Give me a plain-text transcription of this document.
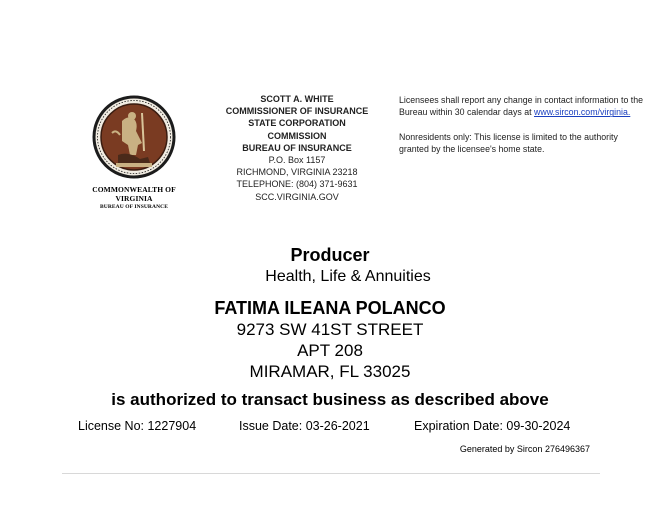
COMMONWEALTH OF
VIRGINIA
BUREAU OF INSURANCE
SCOTT A. WHITE
COMMISSIONER OF INSURANCE
STATE CORPORATION
COMMISSION
BUREAU OF INSURANCE
P.O. Box 1157
RICHMOND, VIRGINIA 23218
TELEPHONE: (804) 371-9631
SCC.VIRGINIA.GOV

Licensees shall report any change in contact information to the Bureau within 30 calendar days at www.sircon.com/virginia.

Nonresidents only: This license is limited to the authority granted by the licensee's home state.

Producer
Health, Life & Annuities
FATIMA ILEANA POLANCO
9273 SW 41ST STREET
APT 208
MIRAMAR, FL 33025
is authorized to transact business as described above
License No: 1227904	Issue Date: 03-26-2021	Expiration Date: 09-30-2024
Generated by Sircon 276496367
